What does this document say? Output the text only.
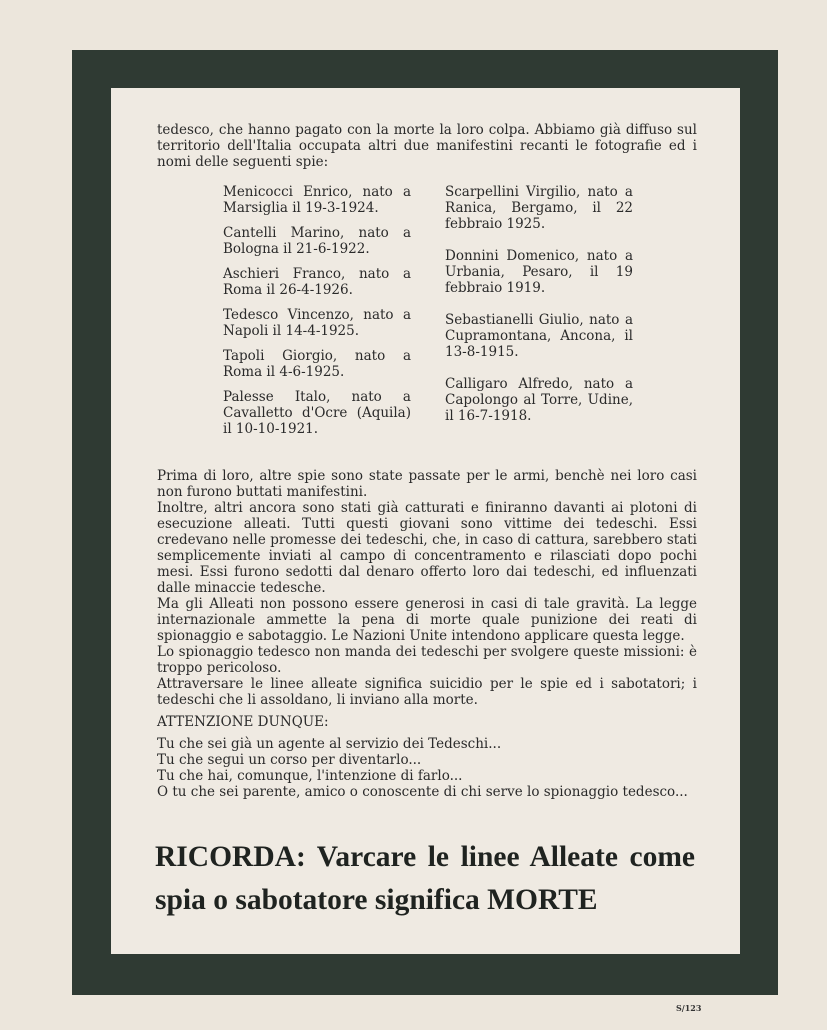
tedesco, che hanno pagato con la morte la loro colpa. Abbiamo già diffuso sul territorio dell'Italia occupata altri due manifestini recanti le fotografie ed i nomi delle seguenti spie:

Menicocci Enrico, nato a Marsiglia il 19-3-1924.

Cantelli Marino, nato a Bologna il 21-6-1922.

Aschieri Franco, nato a Roma il 26-4-1926.

Tedesco Vincenzo, nato a Napoli il 14-4-1925.

Tapoli Giorgio, nato a Roma il 4-6-1925.

Palesse Italo, nato a Cavalletto d'Ocre (Aquila) il 10-10-1921.

Scarpellini Virgilio, nato a Ranica, Bergamo, il 22 febbraio 1925.

Donnini Domenico, nato a Urbania, Pesaro, il 19 febbraio 1919.

Sebastianelli Giulio, nato a Cupramontana, Ancona, il 13-8-1915.

Calligaro Alfredo, nato a Capolongo al Torre, Udine, il 16-7-1918.

Prima di loro, altre spie sono state passate per le armi, benchè nei loro casi non furono buttati manifestini.

Inoltre, altri ancora sono stati già catturati e finiranno davanti ai plotoni di esecuzione alleati. Tutti questi giovani sono vittime dei tedeschi. Essi credevano nelle promesse dei tedeschi, che, in caso di cattura, sarebbero stati semplicemente inviati al campo di concentramento e rilasciati dopo pochi mesi. Essi furono sedotti dal denaro offerto loro dai tedeschi, ed influenzati dalle minaccie tedesche.

Ma gli Alleati non possono essere generosi in casi di tale gravità. La legge internazionale ammette la pena di morte quale punizione dei reati di spionaggio e sabotaggio. Le Nazioni Unite intendono applicare questa legge.

Lo spionaggio tedesco non manda dei tedeschi per svolgere queste missioni: è troppo pericoloso.

Attraversare le linee alleate significa suicidio per le spie ed i sabotatori; i tedeschi che li assoldano, li inviano alla morte.

ATTENZIONE DUNQUE:

Tu che sei già un agente al servizio dei Tedeschi...

Tu che segui un corso per diventarlo...

Tu che hai, comunque, l'intenzione di farlo...

O tu che sei parente, amico o conoscente di chi serve lo spionaggio tedesco...

RICORDA: Varcare le linee Alleate come spia o sabotatore significa MORTE

S/123
